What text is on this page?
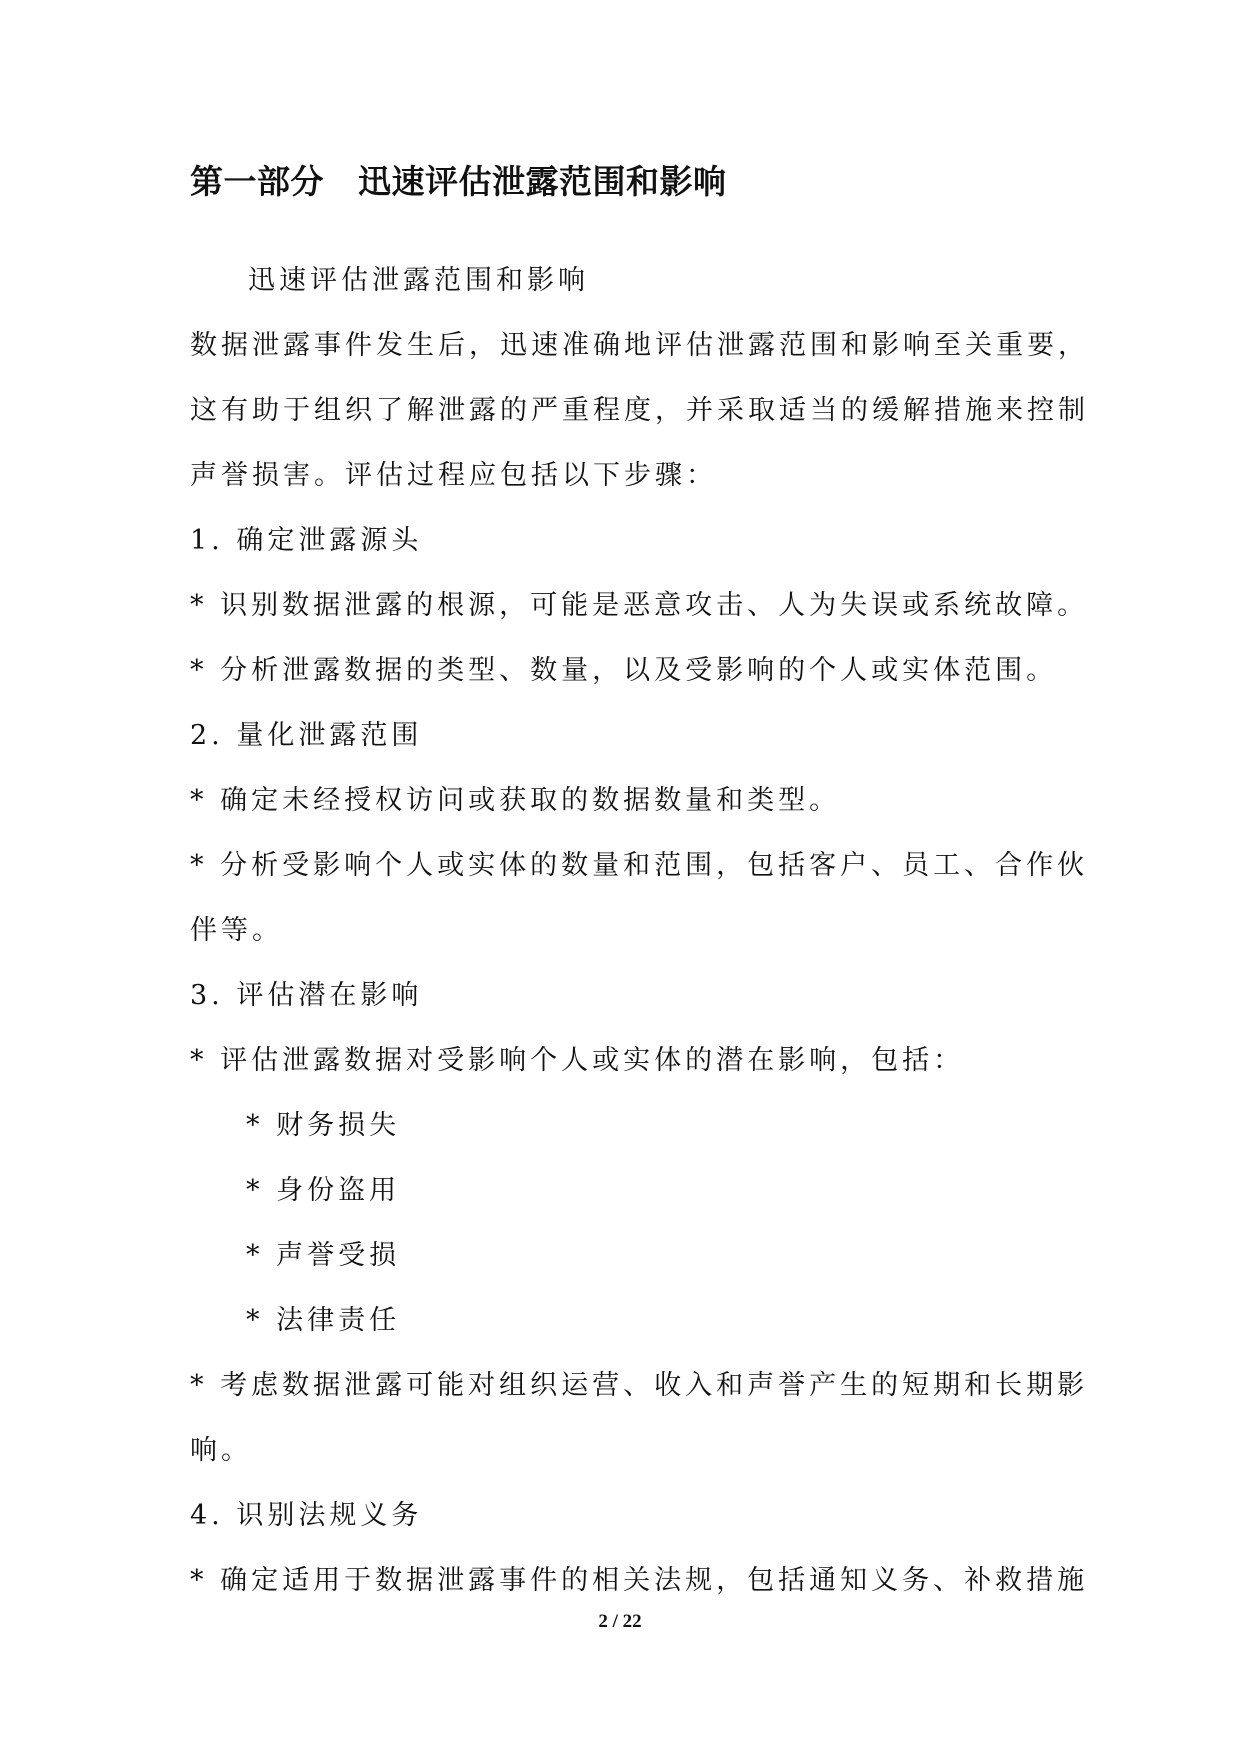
第一部分 迅速评估泄露范围和影响

迅速评估泄露范围和影响

数据泄露事件发生后，迅速准确地评估泄露范围和影响至关重要，

这有助于组织了解泄露的严重程度，并采取适当的缓解措施来控制

声誉损害。评估过程应包括以下步骤：

1. 确定泄露源头

* 识别数据泄露的根源，可能是恶意攻击、人为失误或系统故障。

* 分析泄露数据的类型、数量，以及受影响的个人或实体范围。

2. 量化泄露范围

* 确定未经授权访问或获取的数据数量和类型。

* 分析受影响个人或实体的数量和范围，包括客户、员工、合作伙

伴等。

3. 评估潜在影响

* 评估泄露数据对受影响个人或实体的潜在影响，包括：

* 财务损失

* 身份盗用

* 声誉受损

* 法律责任

* 考虑数据泄露可能对组织运营、收入和声誉产生的短期和长期影

响。

4. 识别法规义务

* 确定适用于数据泄露事件的相关法规，包括通知义务、补救措施

2 / 22
